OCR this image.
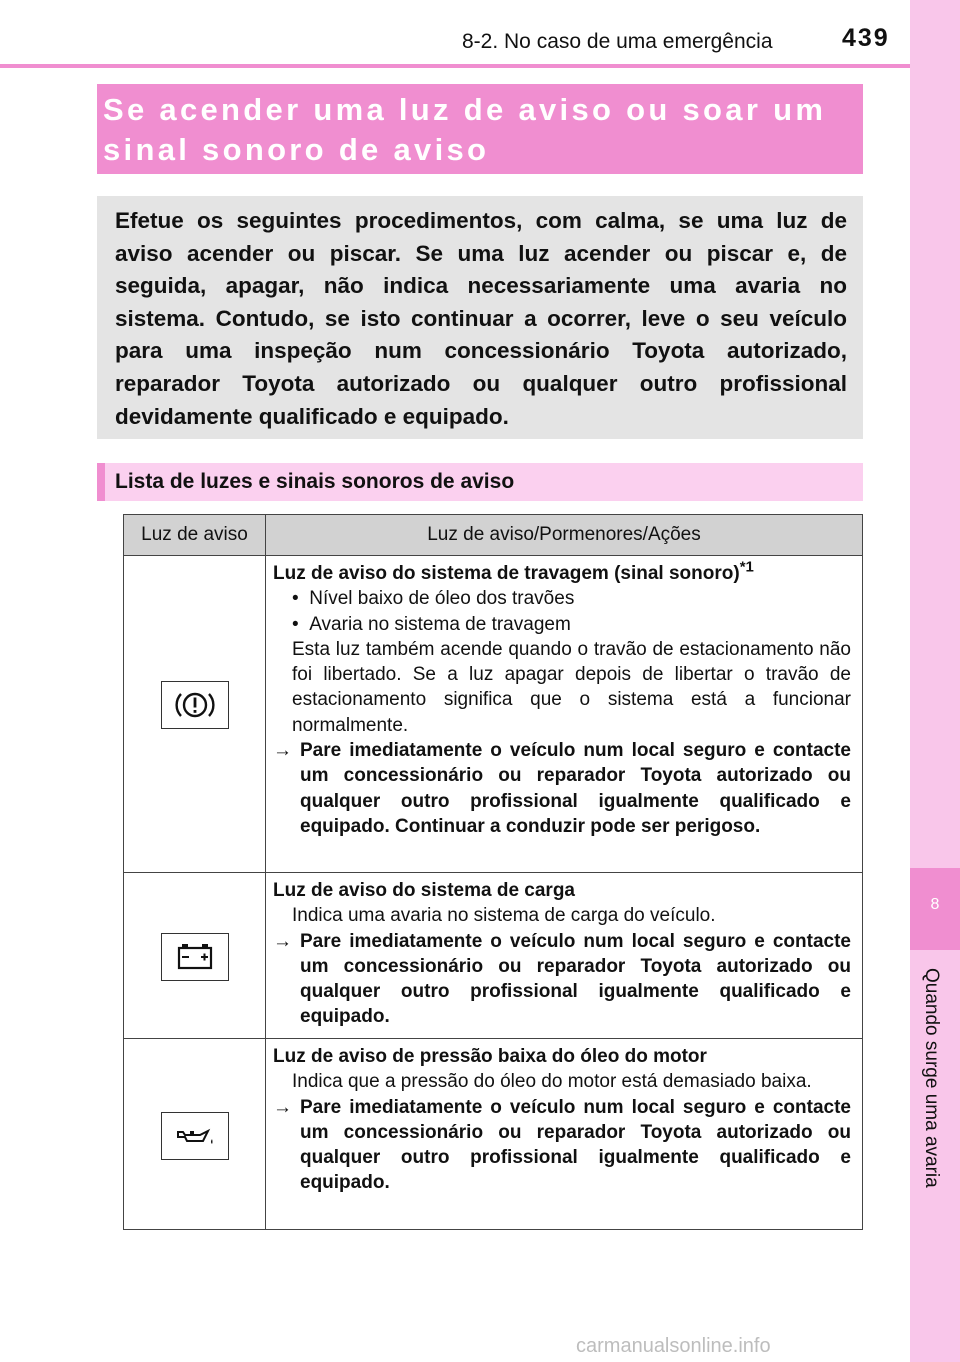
8-2. No caso de uma emergência	439
8
Quando surge uma avaria
Se acender uma luz de aviso ou soar um sinal sonoro de aviso
Efetue os seguintes procedimentos, com calma, se uma luz de aviso acender ou piscar. Se uma luz acender ou piscar e, de seguida, apagar, não indica necessariamente uma avaria no sistema. Contudo, se isto continuar a ocorrer, leve o seu veículo para uma inspeção num concessionário Toyota autorizado, reparador Toyota autorizado ou qualquer outro profissional devidamente qualificado e equipado.
Lista de luzes e sinais sonoros de aviso
Luz de aviso	Luz de aviso/Pormenores/Ações
Luz de aviso do sistema de travagem (sinal sonoro)$^{*1}$
•  Nível baixo de óleo dos travões
•  Avaria no sistema de travagem
Esta luz também acende quando o travão de estacionamento não foi libertado. Se a luz apagar depois de libertar o travão de estacionamento significa que o sistema está a funcionar normalmente.
→ Pare imediatamente o veículo num local seguro e contacte um concessionário ou reparador Toyota autorizado ou qualquer outro profissional igualmente qualificado e equipado. Continuar a conduzir pode ser perigoso.
Luz de aviso do sistema de carga
Indica uma avaria no sistema de carga do veículo.
→ Pare imediatamente o veículo num local seguro e contacte um concessionário ou reparador Toyota autorizado ou qualquer outro profissional igualmente qualificado e equipado.
Luz de aviso de pressão baixa do óleo do motor
Indica que a pressão do óleo do motor está demasiado baixa.
→ Pare imediatamente o veículo num local seguro e contacte um concessionário ou reparador Toyota autorizado ou qualquer outro profissional igualmente qualificado e equipado.
carmanualsonline.info
